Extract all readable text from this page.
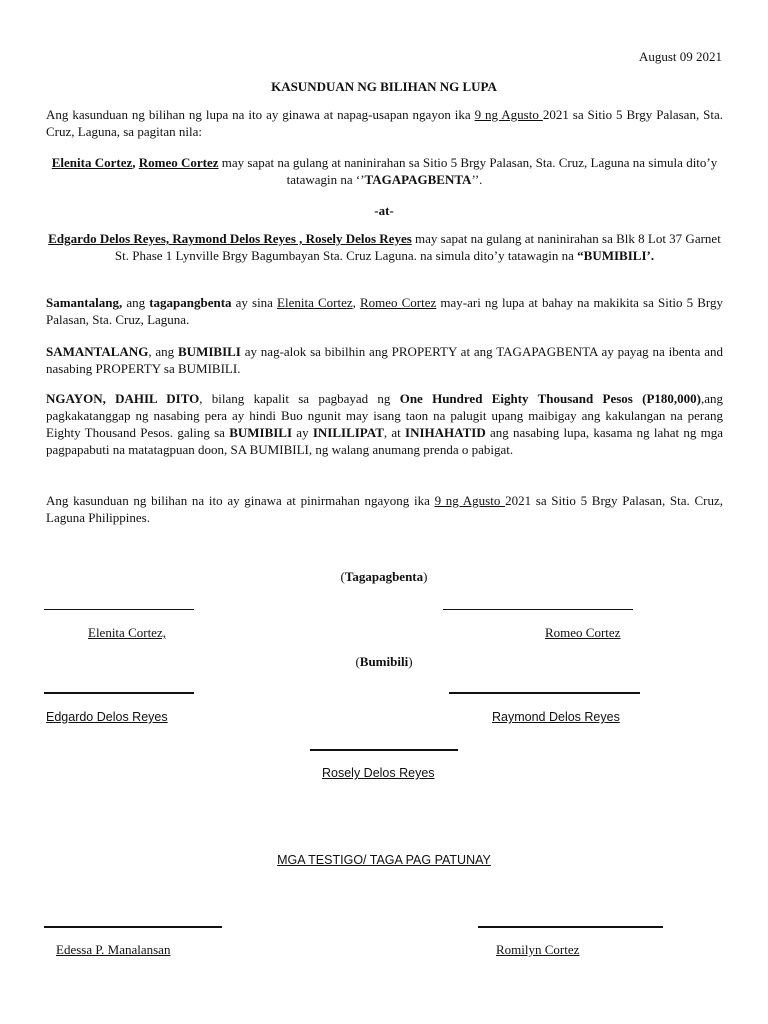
August 09 2021
KASUNDUAN NG BILIHAN NG LUPA

Ang kasunduan ng bilihan ng lupa na ito ay ginawa at napag-usapan ngayon ika 9 ng Agusto 2021 sa Sitio 5 Brgy Palasan, Sta. Cruz, Laguna, sa pagitan nila:

Elenita Cortez, Romeo Cortez may sapat na gulang at naninirahan sa Sitio 5 Brgy Palasan, Sta. Cruz, Laguna na simula dito’y tatawagin na ‘’TAGAPAGBENTA’’.

-at-

Edgardo Delos Reyes, Raymond Delos Reyes , Rosely Delos Reyes may sapat na gulang at naninirahan sa Blk 8 Lot 37 Garnet St. Phase 1 Lynville Brgy Bagumbayan Sta. Cruz Laguna. na simula dito’y tatawagin na “BUMIBILI’.

Samantalang, ang tagapangbenta ay sina Elenita Cortez, Romeo Cortez may-ari ng lupa at bahay na makikita sa Sitio 5 Brgy Palasan, Sta. Cruz, Laguna.

SAMANTALANG, ang BUMIBILI ay nag-alok sa bibilhin ang PROPERTY at ang TAGAPAGBENTA ay payag na ibenta and nasabing PROPERTY sa BUMIBILI.

NGAYON, DAHIL DITO, bilang kapalit sa pagbayad ng One Hundred Eighty Thousand Pesos (P180,000),ang pagkakatanggap ng nasabing pera ay hindi Buo ngunit may isang taon na palugit upang maibigay ang kakulangan na perang Eighty Thousand Pesos. galing sa BUMIBILI ay INILILIPAT, at INIHAHATID ang nasabing lupa, kasama ng lahat ng mga pagpapabuti na matatagpuan doon, SA BUMIBILI, ng walang anumang prenda o pabigat.

Ang kasunduan ng bilihan na ito ay ginawa at pinirmahan ngayong ika 9 ng Agusto 2021 sa Sitio 5 Brgy Palasan, Sta. Cruz, Laguna Philippines.

(Tagapagbenta)
Elenita Cortez,	Romeo Cortez
(Bumibili)
Edgardo Delos Reyes	Raymond Delos Reyes
Rosely Delos Reyes
MGA TESTIGO/ TAGA PAG PATUNAY
Edessa P. Manalansan	Romilyn Cortez
